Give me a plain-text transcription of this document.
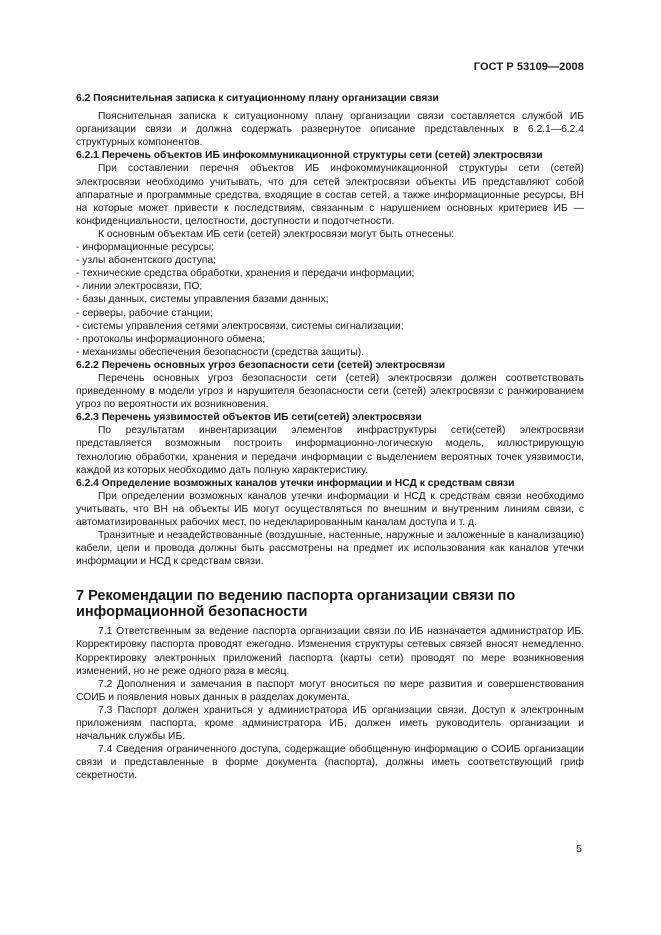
ГОСТ Р 53109—2008
6.2 Пояснительная записка к ситуационному плану организации связи
Пояснительная записка к ситуационному плану организации связи составляется службой ИБ организации связи и должна содержать развернутое описание представленных в 6.2.1—6.2.4 структурных компонентов.
6.2.1 Перечень объектов ИБ инфокоммуникационной структуры сети (сетей) электросвязи
При составлении перечня объектов ИБ инфокоммуникационной структуры сети (сетей) электросвязи необходимо учитывать, что для сетей электросвязи объекты ИБ представляют собой аппаратные и программные средства, входящие в состав сетей, а также информационные ресурсы, ВН на которые может привести к последствиям, связанным с нарушением основных критериев ИБ — конфиденциальности, целостности, доступности и подотчетности.
К основным объектам ИБ сети (сетей) электросвязи могут быть отнесены:
- информационные ресурсы;
- узлы абонентского доступа;
- технические средства обработки, хранения и передачи информации;
- линии электросвязи, ПО;
- базы данных, системы управления базами данных;
- серверы, рабочие станции;
- системы управления сетями электросвязи, системы сигнализации;
- протоколы информационного обмена;
- механизмы обеспечения безопасности (средства защиты).
6.2.2 Перечень основных угроз безопасности сети (сетей) электросвязи
Перечень основных угроз безопасности сети (сетей) электросвязи должен соответствовать приведенному в модели угроз и нарушителя безопасности сети (сетей) электросвязи с ранжированием угроз по вероятности их возникновения.
6.2.3 Перечень уязвимостей объектов ИБ сети(сетей) электросвязи
По результатам инвентаризации элементов инфраструктуры сети(сетей) электросвязи представляется возможным построить информационно-логическую модель, иллюстрирующую технологию обработки, хранения и передачи информации с выделением вероятных точек уязвимости, каждой из которых необходимо дать полную характеристику.
6.2.4 Определение возможных каналов утечки информации и НСД к средствам связи
При определении возможных каналов утечки информации и НСД к средствам связи необходимо учитывать, что ВН на объекты ИБ могут осуществляться по внешним и внутренним линиям связи, с автоматизированных рабочих мест, по недекларированным каналам доступа и т. д.
Транзитные и незадействованные (воздушные, настенные, наружные и заложенные в канализацию) кабели, цепи и провода должны быть рассмотрены на предмет их использования как каналов утечки информации и НСД к средствам связи.
7 Рекомендации по ведению паспорта организации связи по информационной безопасности
7.1 Ответственным за ведение паспорта организации связи по ИБ назначается администратор ИБ. Корректировку паспорта проводят ежегодно. Изменения структуры сетевых связей вносят немедленно. Корректировку электронных приложений паспорта (карты сети) проводят по мере возникновения изменений, но не реже одного раза в месяц.
7.2 Дополнения и замечания в паспорт могут вноситься по мере развития и совершенствования СОИБ и появления новых данных в разделах документа.
7.3 Паспорт должен храниться у администратора ИБ организации связи. Доступ к электронным приложениям паспорта, кроме администратора ИБ, должен иметь руководитель организации и начальник службы ИБ.
7.4 Сведения ограниченного доступа, содержащие обобщенную информацию о СОИБ организации связи и представленные в форме документа (паспорта), должны иметь соответствующий гриф секретности.
5
